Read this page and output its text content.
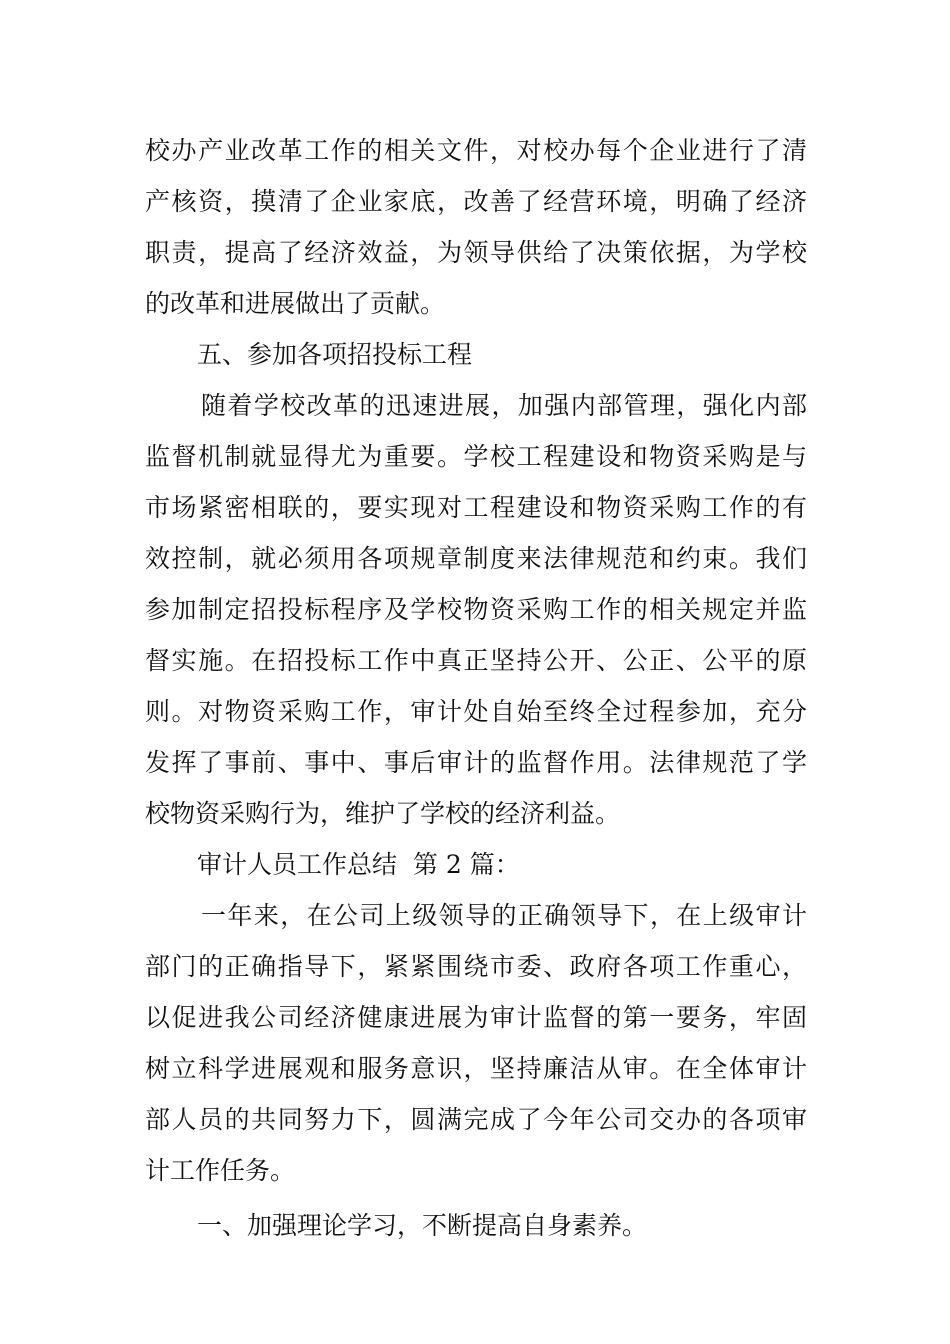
校办产业改革工作的相关文件，对校办每个企业进行了清
产核资，摸清了企业家底，改善了经营环境，明确了经济
职责，提高了经济效益，为领导供给了决策依据，为学校
的改革和进展做出了贡献。
五、参加各项招投标工程
随着学校改革的迅速进展，加强内部管理，强化内部
监督机制就显得尤为重要。学校工程建设和物资采购是与
市场紧密相联的，要实现对工程建设和物资采购工作的有
效控制，就必须用各项规章制度来法律规范和约束。我们
参加制定招投标程序及学校物资采购工作的相关规定并监
督实施。在招投标工作中真正坚持公开、公正、公平的原
则。对物资采购工作，审计处自始至终全过程参加，充分
发挥了事前、事中、事后审计的监督作用。法律规范了学
校物资采购行为，维护了学校的经济利益。
审计人员工作总结  第 2 篇：
一年来，在公司上级领导的正确领导下，在上级审计
部门的正确指导下，紧紧围绕市委、政府各项工作重心，
以促进我公司经济健康进展为审计监督的第一要务，牢固
树立科学进展观和服务意识，坚持廉洁从审。在全体审计
部人员的共同努力下，圆满完成了今年公司交办的各项审
计工作任务。
一、加强理论学习，不断提高自身素养。
